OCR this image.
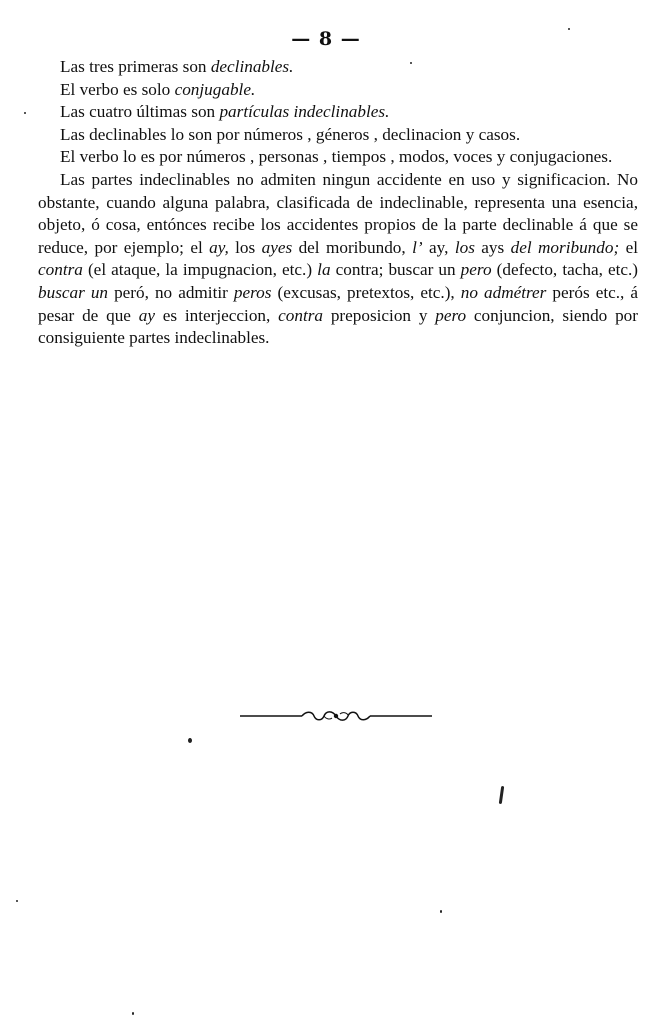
— 8 —

Las tres primeras son declinables.

El verbo es solo conjugable.

Las cuatro últimas son partículas indeclinables.

Las declinables lo son por números , géneros , declinacion y casos.

El verbo lo es por números , personas , tiempos , modos, voces y conjugaciones.

Las partes indeclinables no admiten ningun accidente en uso y significacion. No obstante, cuando alguna palabra, clasificada de indeclinable, representa una esencia, objeto, ó cosa, entónces recibe los accidentes propios de la parte declinable á que se reduce, por ejemplo; el ay, los ayes del moribundo, l’ ay, los ays del moribundo; el contra (el ataque, la impugnacion, etc.) la contra; buscar un pero (defecto, tacha, etc.) buscar un peró, no admitir peros (excusas, pretextos, etc.), no admétrer perós etc., á pesar de que ay es interjeccion, contra preposicion y pero conjuncion, siendo por consiguiente partes indeclinables.
